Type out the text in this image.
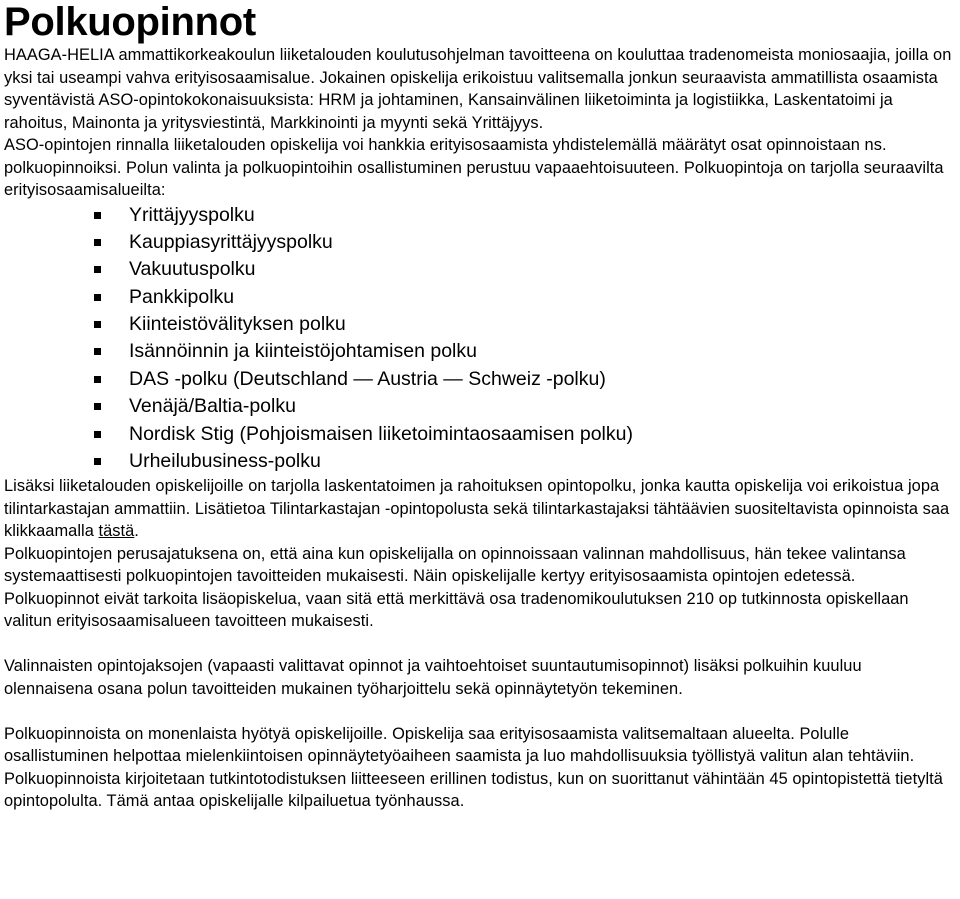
Polkuopinnot

HAAGA-HELIA ammattikorkeakoulun liiketalouden koulutusohjelman tavoitteena on kouluttaa tradenomeista moniosaajia, joilla on yksi tai useampi vahva erityisosaamisalue. Jokainen opiskelija erikoistuu valitsemalla jonkun seuraavista ammatillista osaamista syventävistä ASO-opintokokonaisuuksista: HRM ja johtaminen, Kansainvälinen liiketoiminta ja logistiikka, Laskentatoimi ja rahoitus, Mainonta ja yritysviestintä, Markkinointi ja myynti sekä Yrittäjyys.

ASO-opintojen rinnalla liiketalouden opiskelija voi hankkia erityisosaamista yhdistelemällä määrätyt osat opinnoistaan ns. polkuopinnoiksi. Polun valinta ja polkuopintoihin osallistuminen perustuu vapaaehtoisuuteen. Polkuopintoja on tarjolla seuraavilta erityisosaamisalueilta:

Yrittäjyyspolku
Kauppiasyrittäjyyspolku
Vakuutuspolku
Pankkipolku
Kiinteistövälityksen polku
Isännöinnin ja kiinteistöjohtamisen polku
DAS -polku (Deutschland — Austria — Schweiz -polku)
Venäjä/Baltia-polku
Nordisk Stig (Pohjoismaisen liiketoimintaosaamisen polku)
Urheilubusiness-polku

Lisäksi liiketalouden opiskelijoille on tarjolla laskentatoimen ja rahoituksen opintopolku, jonka kautta opiskelija voi erikoistua jopa tilintarkastajan ammattiin. Lisätietoa Tilintarkastajan -opintopolusta sekä tilintarkastajaksi tähtäävien suositeltavista opinnoista saa klikkaamalla tästä.

Polkuopintojen perusajatuksena on, että aina kun opiskelijalla on opinnoissaan valinnan mahdollisuus, hän tekee valintansa systemaattisesti polkuopintojen tavoitteiden mukaisesti. Näin opiskelijalle kertyy erityisosaamista opintojen edetessä. Polkuopinnot eivät tarkoita lisäopiskelua, vaan sitä että merkittävä osa tradenomikoulutuksen 210 op tutkinnosta opiskellaan valitun erityisosaamisalueen tavoitteen mukaisesti.

Valinnaisten opintojaksojen (vapaasti valittavat opinnot ja vaihtoehtoiset suuntautumisopinnot) lisäksi polkuihin kuuluu olennaisena osana polun tavoitteiden mukainen työharjoittelu sekä opinnäytetyön tekeminen.

Polkuopinnoista on monenlaista hyötyä opiskelijoille. Opiskelija saa erityisosaamista valitsemaltaan alueelta. Polulle osallistuminen helpottaa mielenkiintoisen opinnäytetyöaiheen saamista ja luo mahdollisuuksia työllistyä valitun alan tehtäviin. Polkuopinnoista kirjoitetaan tutkintotodistuksen liitteeseen erillinen todistus, kun on suorittanut vähintään 45 opintopistettä tietyltä opintopolulta. Tämä antaa opiskelijalle kilpailuetua työnhaussa.
